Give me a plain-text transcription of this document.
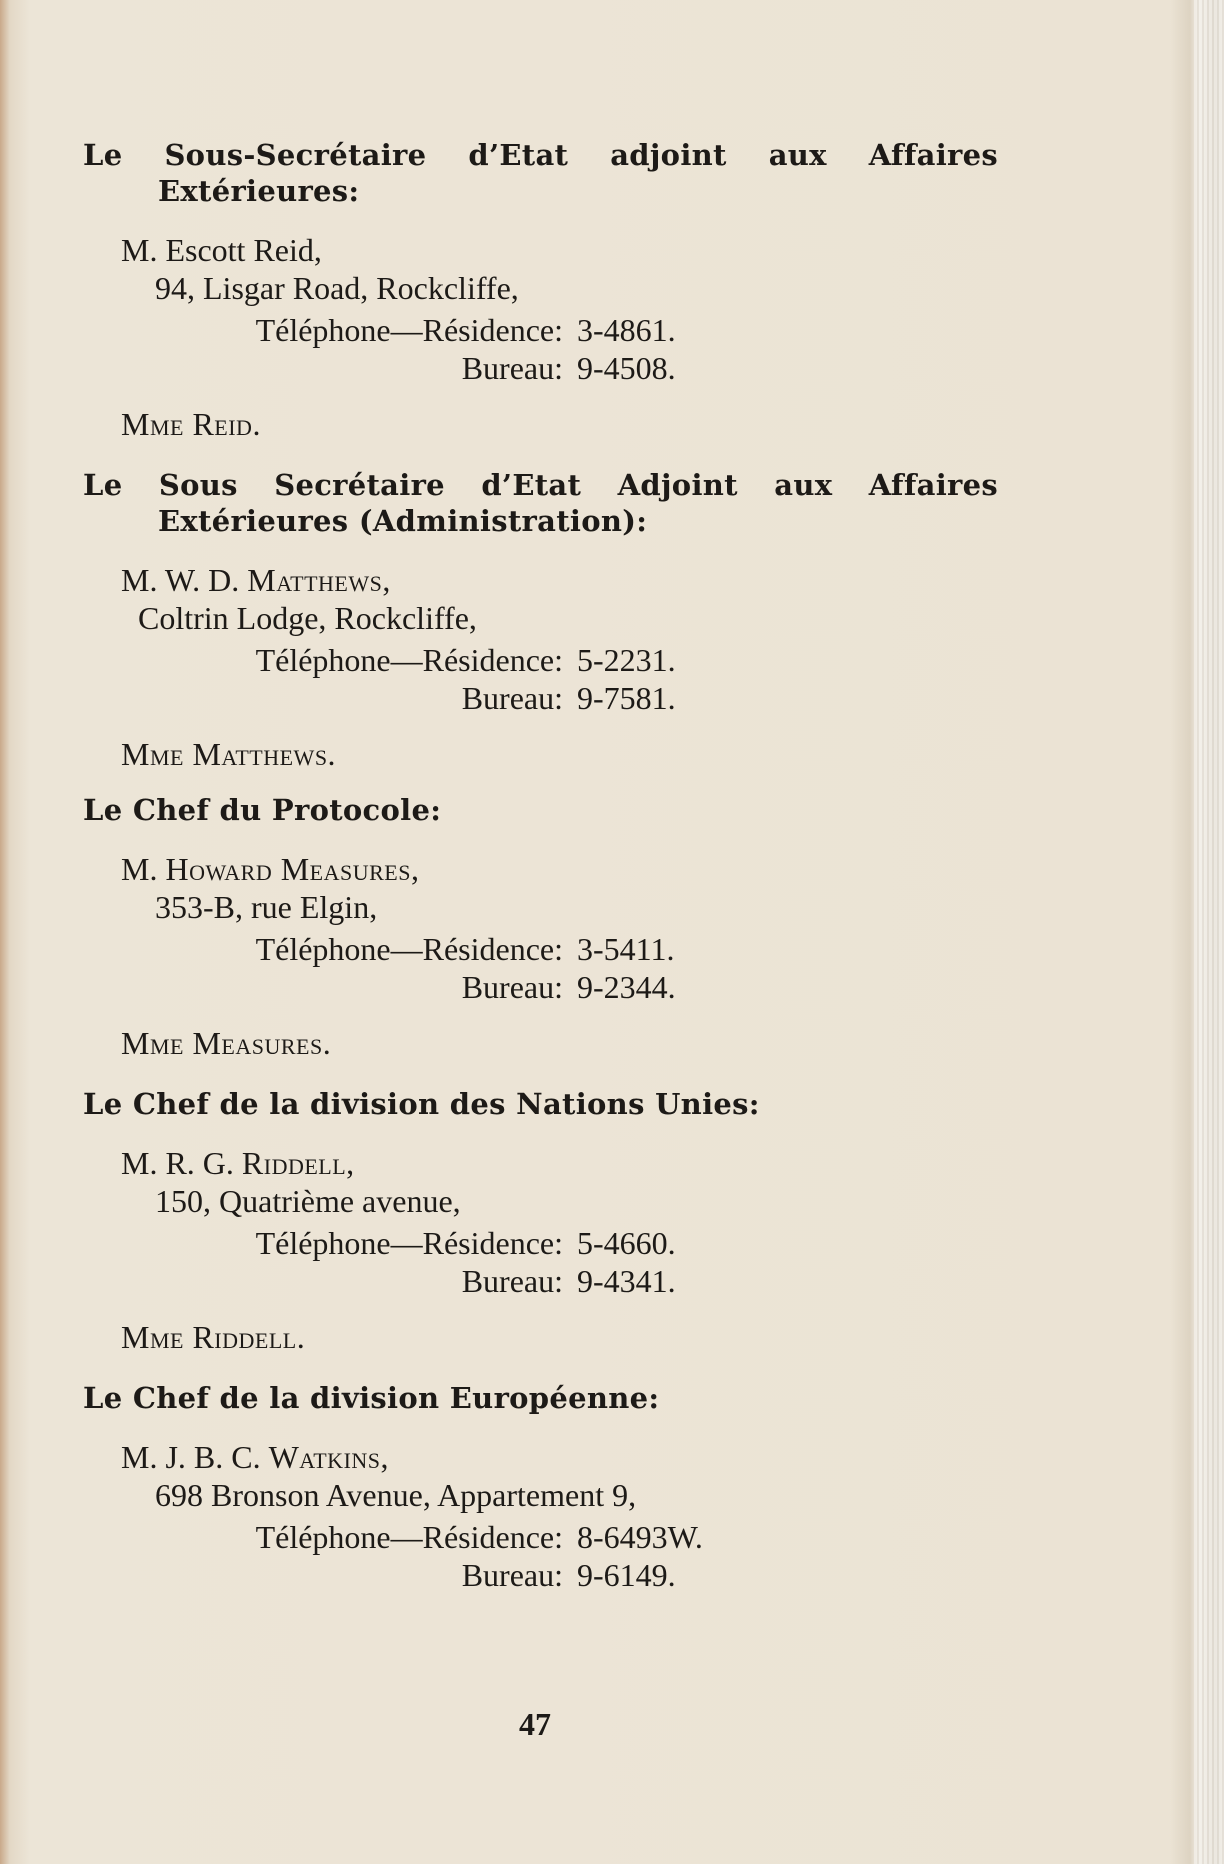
Le Sous-Secrétaire d’Etat adjoint aux Affaires
Extérieures:
M. Escott Reid,
94, Lisgar Road, Rockcliffe,
Téléphone—Résidence: 3-4861.
Bureau: 9-4508.
Mme Reid.
Le Sous Secrétaire d’Etat Adjoint aux Affaires
Extérieures (Administration):
M. W. D. Matthews,
Coltrin Lodge, Rockcliffe,
Téléphone—Résidence: 5-2231.
Bureau: 9-7581.
Mme Matthews.
Le Chef du Protocole:
M. Howard Measures,
353-B, rue Elgin,
Téléphone—Résidence: 3-5411.
Bureau: 9-2344.
Mme Measures.
Le Chef de la division des Nations Unies:
M. R. G. Riddell,
150, Quatrième avenue,
Téléphone—Résidence: 5-4660.
Bureau: 9-4341.
Mme Riddell.
Le Chef de la division Européenne:
M. J. B. C. Watkins,
698 Bronson Avenue, Appartement 9,
Téléphone—Résidence: 8-6493W.
Bureau: 9-6149.
47
